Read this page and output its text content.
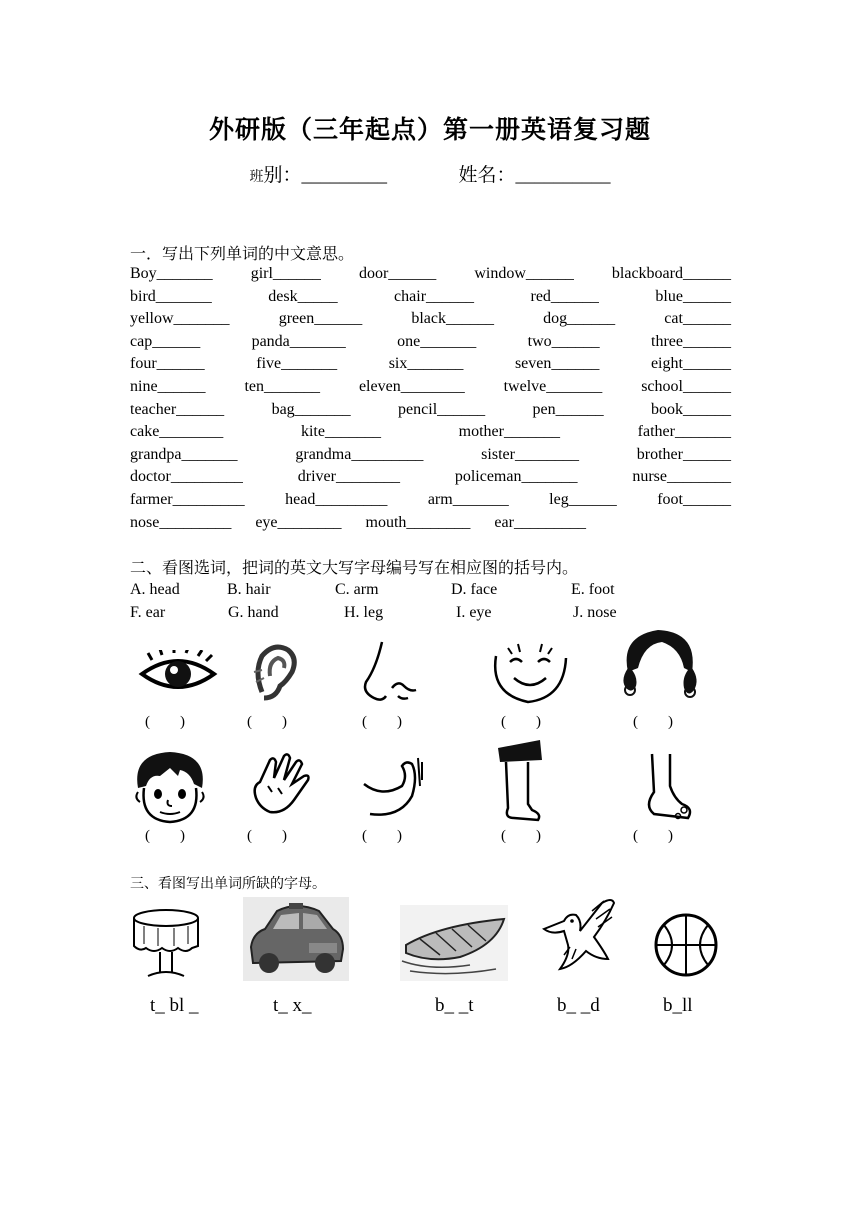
外研版（三年起点）第一册英语复习题
班别：_________	姓名：__________
一．写出下列单词的中文意思。
Boy_______ girl______ door______ window______ blackboard______
bird_______	desk_____	chair______	red______	blue______
yellow_______	green______	black______	dog______	cat______
cap______	panda_______	one_______	two______	three______
four______	five_______	six_______	seven______	eight______
nine______ ten_______ eleven________ twelve_______ school______
teacher______	bag_______	pencil______	pen______	book______
cake________	kite_______	mother_______	father_______
grandpa_______	grandma_________	sister________	brother______
doctor_________	driver________	policeman_______	nurse________
farmer_________	head_________	arm_______	leg______	foot______
nose_________ eye________ mouth________ ear_________
二、看图选词，把词的英文大写字母编号写在相应图的括号内。
A. head	B. hair	C. arm	D. face	E. foot
F. ear	G. hand	H. leg	I. eye	J. nose
(        )	(        )	(        )	(        )	(        )
(        )	(        )	(        )	(        )	(        )
三、看图写出单词所缺的字母。
t_ bl _	t_ x_	b_ _t	b_ _d	b_ll
